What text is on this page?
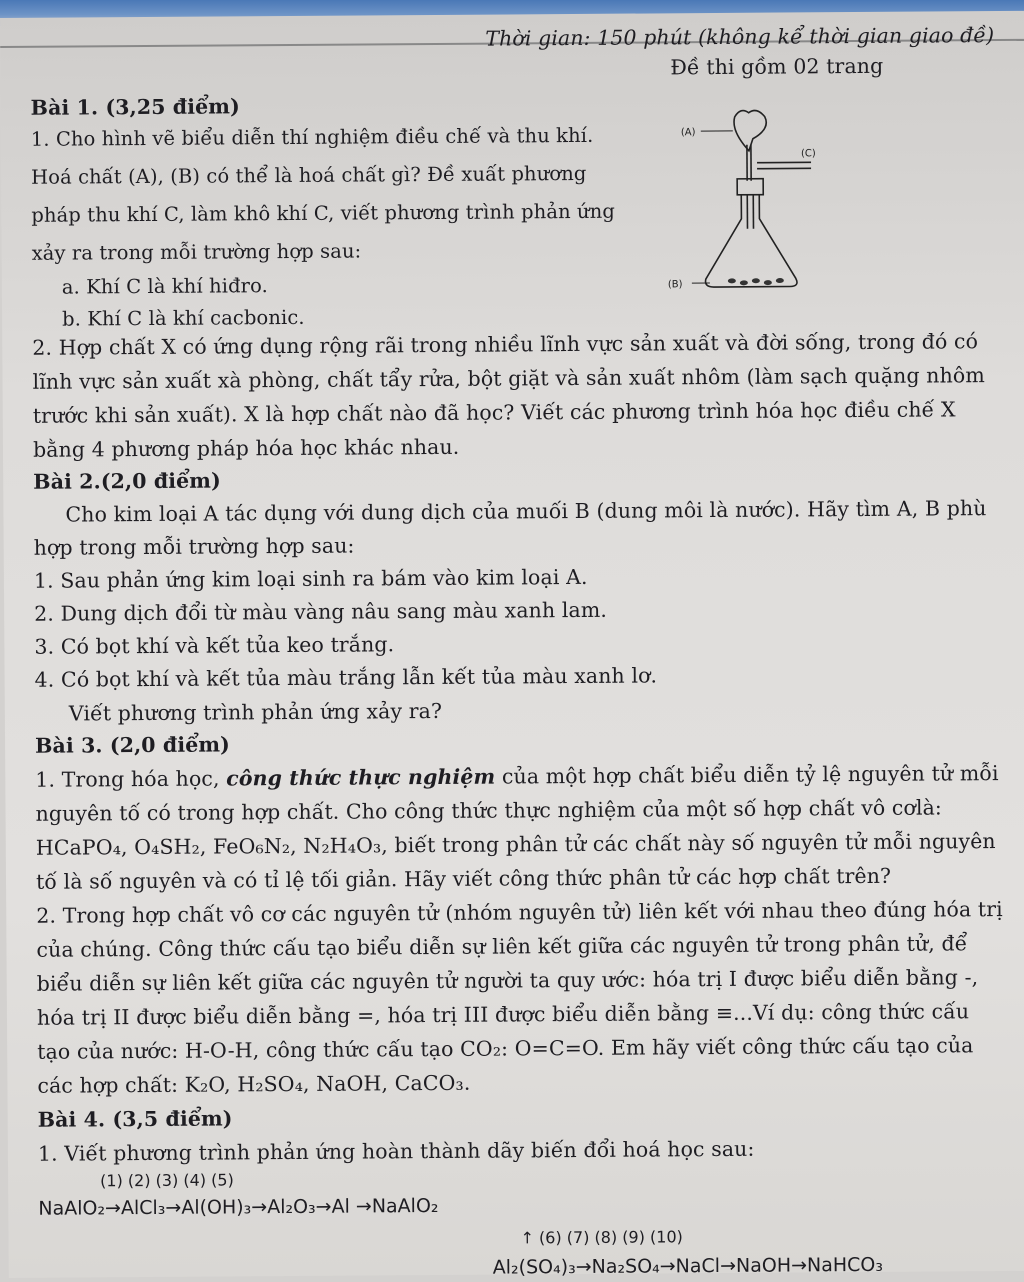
Thời gian: 150 phút (không kể thời gian giao đề)

Đề thi gồm 02 trang

Bài 1. (3,25 điểm)

1. Cho hình vẽ biểu diễn thí nghiệm điều chế và thu khí.

Hoá chất (A), (B) có thể là hoá chất gì? Đề xuất phương

pháp thu khí C, làm khô khí C, viết phương trình phản ứng

xảy ra trong mỗi trường hợp sau:

a. Khí C là khí hiđro.

b. Khí C là khí cacbonic.

(A)
(C)
(B)

2. Hợp chất X có ứng dụng rộng rãi trong nhiều lĩnh vực sản xuất và đời sống, trong đó có

lĩnh vực sản xuất xà phòng, chất tẩy rửa, bột giặt và sản xuất nhôm (làm sạch quặng nhôm

trước khi sản xuất). X là hợp chất nào đã học? Viết các phương trình hóa học điều chế X

bằng 4 phương pháp hóa học khác nhau.

Bài 2.(2,0 điểm)

Cho kim loại A tác dụng với dung dịch của muối B (dung môi là nước). Hãy tìm A, B phù

hợp trong mỗi trường hợp sau:

1. Sau phản ứng kim loại sinh ra bám vào kim loại A.

2. Dung dịch đổi từ màu vàng nâu sang màu xanh lam.

3. Có bọt khí và kết tủa keo trắng.

4. Có bọt khí và kết tủa màu trắng lẫn kết tủa màu xanh lơ.

Viết phương trình phản ứng xảy ra?

Bài 3. (2,0 điểm)

1. Trong hóa học, công thức thực nghiệm của một hợp chất biểu diễn tỷ lệ nguyên tử mỗi

nguyên tố có trong hợp chất. Cho công thức thực nghiệm của một số hợp chất vô cơlà:

HCaPO₄, O₄SH₂, FeO₆N₂, N₂H₄O₃, biết trong phân tử các chất này số nguyên tử mỗi nguyên

tố là số nguyên và có tỉ lệ tối giản. Hãy viết công thức phân tử các hợp chất trên?

2. Trong hợp chất vô cơ các nguyên tử (nhóm nguyên tử) liên kết với nhau theo đúng hóa trị

của chúng. Công thức cấu tạo biểu diễn sự liên kết giữa các nguyên tử trong phân tử, để

biểu diễn sự liên kết giữa các nguyên tử người ta quy ước: hóa trị I được biểu diễn bằng -,

hóa trị II được biểu diễn bằng =, hóa trị III được biểu diễn bằng ≡...Ví dụ: công thức cấu

tạo của nước: H-O-H, công thức cấu tạo CO₂: O=C=O. Em hãy viết công thức cấu tạo của

các hợp chất: K₂O, H₂SO₄, NaOH, CaCO₃.

Bài 4. (3,5 điểm)

1. Viết phương trình phản ứng hoàn thành dãy biến đổi hoá học sau:

(1) (2) (3) (4) (5)

NaAlO₂→AlCl₃→Al(OH)₃→Al₂O₃→Al →NaAlO₂

↑ (6) (7) (8) (9) (10)

Al₂(SO₄)₃→Na₂SO₄→NaCl→NaOH→NaHCO₃
